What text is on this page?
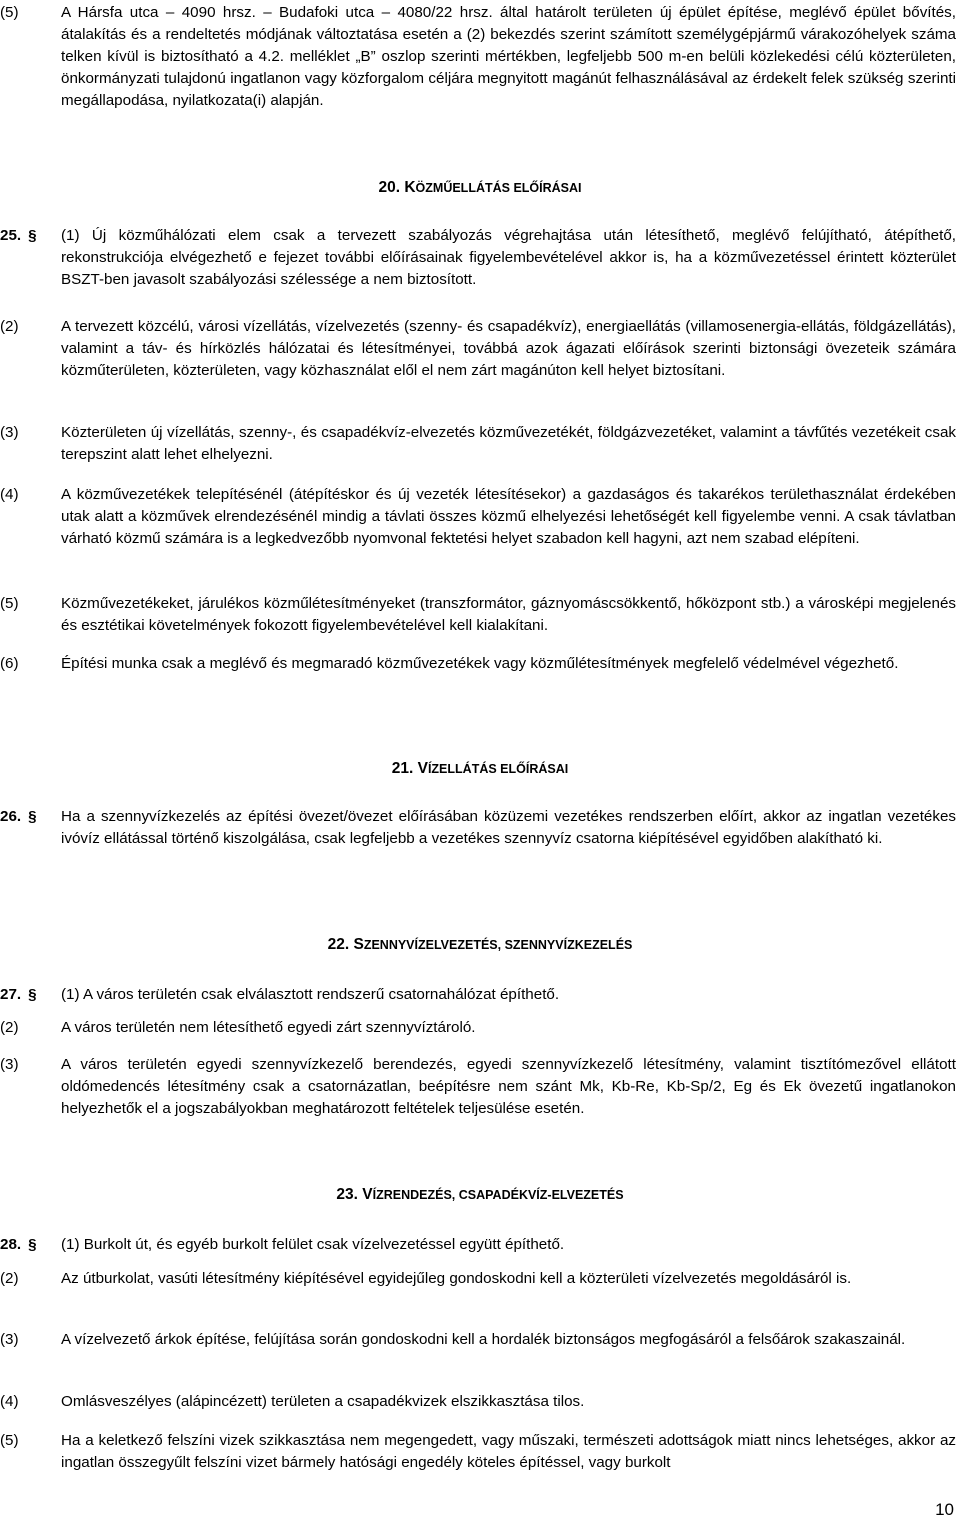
(5)	A Hársfa utca – 4090 hrsz. – Budafoki utca – 4080/22 hrsz. által határolt területen új épület építése, meglévő épület bővítés, átalakítás és a rendeltetés módjának változtatása esetén a (2) bekezdés szerint számított személygépjármű várakozóhelyek száma telken kívül is biztosítható a 4.2. melléklet „B” oszlop szerinti mértékben, legfeljebb 500 m-en belüli közlekedési célú közterületen, önkormányzati tulajdonú ingatlanon vagy közforgalom céljára megnyitott magánút felhasználásával az érdekelt felek szükség szerinti megállapodása, nyilatkozata(i) alapján.
20. KÖZMŰELLÁTÁS ELŐÍRÁSAI
25. §	(1) Új közműhálózati elem csak a tervezett szabályozás végrehajtása után létesíthető, meglévő felújítható, átépíthető, rekonstrukciója elvégezhető e fejezet további előírásainak figyelembevételével akkor is, ha a közművezetéssel érintett közterület BSZT-ben javasolt szabályozási szélessége a nem biztosított.
(2)	A tervezett közcélú, városi vízellátás, vízelvezetés (szenny- és csapadékvíz), energiaellátás (villamosenergia-ellátás, földgázellátás), valamint a táv- és hírközlés hálózatai és létesítményei, továbbá azok ágazati előírások szerinti biztonsági övezeteik számára közműterületen, közterületen, vagy közhasználat elől el nem zárt magánúton kell helyet biztosítani.
(3)	Közterületen új vízellátás, szenny-, és csapadékvíz-elvezetés közművezetékét, földgázvezetéket, valamint a távfűtés vezetékeit csak terepszint alatt lehet elhelyezni.
(4)	A közművezetékek telepítésénél (átépítéskor és új vezeték létesítésekor) a gazdaságos és takarékos területhasználat érdekében utak alatt a közművek elrendezésénél mindig a távlati összes közmű elhelyezési lehetőségét kell figyelembe venni. A csak távlatban várható közmű számára is a legkedvezőbb nyomvonal fektetési helyet szabadon kell hagyni, azt nem szabad elépíteni.
(5)	Közművezetékeket, járulékos közműlétesítményeket (transzformátor, gáznyomáscsökkentő, hőközpont stb.) a városképi megjelenés és esztétikai követelmények fokozott figyelembevételével kell kialakítani.
(6)	Építési munka csak a meglévő és megmaradó közművezetékek vagy közműlétesítmények megfelelő védelmével végezhető.
21. VÍZELLÁTÁS ELŐÍRÁSAI
26. §	Ha a szennyvízkezelés az építési övezet/övezet előírásában közüzemi vezetékes rendszerben előírt, akkor az ingatlan vezetékes ivóvíz ellátással történő kiszolgálása, csak legfeljebb a vezetékes szennyvíz csatorna kiépítésével egyidőben alakítható ki.
22. SZENNYVÍZELVEZETÉS, SZENNYVÍZKEZELÉS
27. §	(1) A város területén csak elválasztott rendszerű csatornahálózat építhető.
(2)	A város területén nem létesíthető egyedi zárt szennyvíztároló.
(3)	A város területén egyedi szennyvízkezelő berendezés, egyedi szennyvízkezelő létesítmény, valamint tisztítómezővel ellátott oldómedencés létesítmény csak a csatornázatlan, beépítésre nem szánt Mk, Kb-Re, Kb-Sp/2, Eg és Ek övezetű ingatlanokon helyezhetők el a jogszabályokban meghatározott feltételek teljesülése esetén.
23. VÍZRENDEZÉS, CSAPADÉKVÍZ-ELVEZETÉS
28. §	(1) Burkolt út, és egyéb burkolt felület csak vízelvezetéssel együtt építhető.
(2)	Az útburkolat, vasúti létesítmény kiépítésével egyidejűleg gondoskodni kell a közterületi vízelvezetés megoldásáról is.
(3)	A vízelvezető árkok építése, felújítása során gondoskodni kell a hordalék biztonságos megfogásáról a felsőárok szakaszainál.
(4)	Omlásveszélyes (alápincézett) területen a csapadékvizek elszikkasztása tilos.
(5)	Ha a keletkező felszíni vizek szikkasztása nem megengedett, vagy műszaki, természeti adottságok miatt nincs lehetséges, akkor az ingatlan összegyűlt felszíni vizet bármely hatósági engedély köteles építéssel, vagy burkolt
10
